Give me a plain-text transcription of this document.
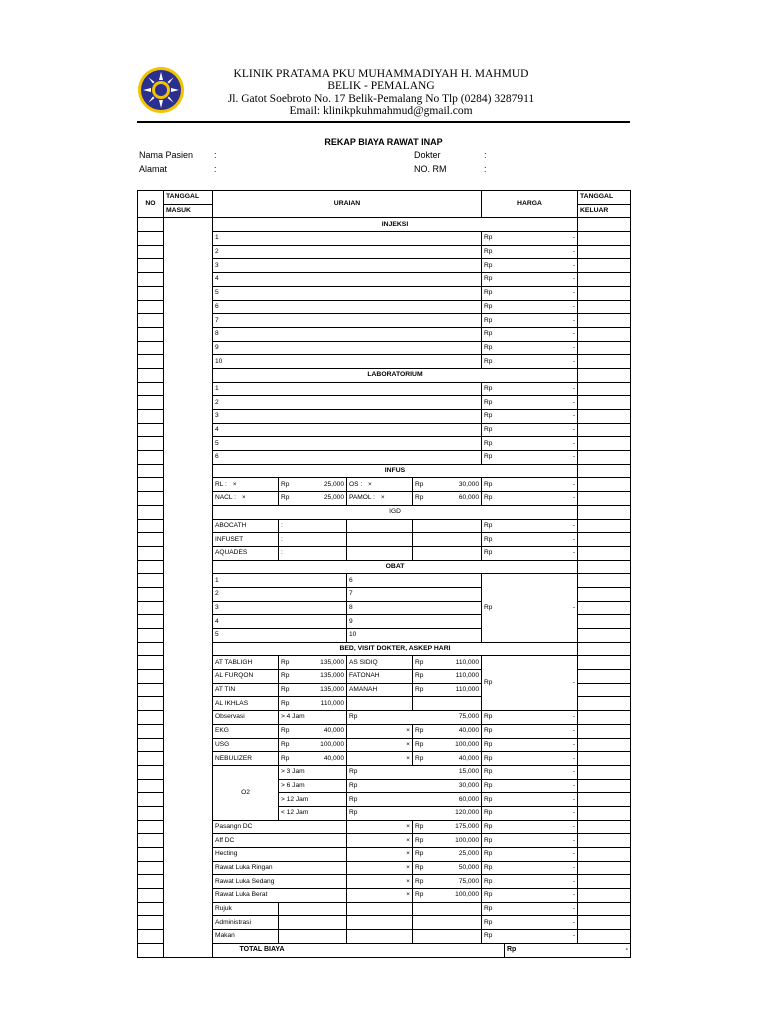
KLINIK PRATAMA PKU MUHAMMADIYAH H. MAHMUD
BELIK - PEMALANG
Jl. Gatot Soebroto No. 17 Belik-Pemalang No Tlp (0284) 3287911
Email: klinikpkuhmahmud@gmail.com
REKAP BIAYA RAWAT INAP
Nama Pasien :
Alamat	:
Dokter	:
NO. RM	:
NO	TANGGAL	URAIAN				HARGA		TANGGAL
	MASUK							KELUAR
		INJEKSI						
		1				Rp	-	
		2				Rp	-	
		3				Rp	-	
		4				Rp	-	
		5				Rp	-	
		6				Rp	-	
		7				Rp	-	
		8				Rp	-	
		9				Rp	-	
		10				Rp	-	
		LABORATORIUM						
		1				Rp	-	
		2				Rp	-	
		3				Rp	-	
		4				Rp	-	
		5				Rp	-	
		6				Rp	-	
		INFUS						
		RL : ×	Rp 25,000	OS : ×	Rp 30,000	Rp	-	
		NACL : ×	Rp 25,000	PAMOL : ×	Rp 60,000	Rp	-	
		IGD						
		ABOCATH	:			Rp	-	
		INFUSET	:			Rp	-	
		AQUADES	:			Rp	-	
		OBAT						
		1		6		Rp	-	
		2		7				
		3		8				
		4		9				
		5		10				
		BED, VISIT DOKTER, ASKEP HARI						
		AT TABLIGH	Rp 135,000	AS SIDIQ	Rp 110,000	Rp	-	
		AL FURQON	Rp 135,000	FATONAH	Rp 110,000			

		AT TIN	Rp 135,000	AMANAH	Rp 110,000			

		AL IKHLAS	Rp 110,000					

		Observasi	> 4 Jam	Rp 75,000		Rp	-	
		EKG	Rp 40,000	×	Rp 40,000	Rp	-	
		USG	Rp 100,000	×	Rp 100,000	Rp	-	
		NEBULIZER	Rp 40,000	×	Rp 40,000	Rp	-	
		O2	> 3 Jam	Rp 15,000		Rp	-	
			> 6 Jam	Rp 30,000		Rp	-	
			> 12 Jam	Rp 60,000		Rp	-	
			< 12 Jam	Rp 120,000		Rp	-	
		Pasangn DC		×	Rp 175,000	Rp	-	
		Aff DC		×	Rp 100,000	Rp	-	
		Hecting		×	Rp 25,000	Rp	-	
		Rawat Luka Ringan		×	Rp 50,000	Rp	-	
		Rawat Luka Sedang		×	Rp 75,000	Rp	-	
		Rawat Luka Berat		×	Rp 100,000	Rp	-	
		Rujuk				Rp	-	
		Administrasi				Rp	-	
		Makan				Rp	-	
TOTAL BIAYA							Rp	-
